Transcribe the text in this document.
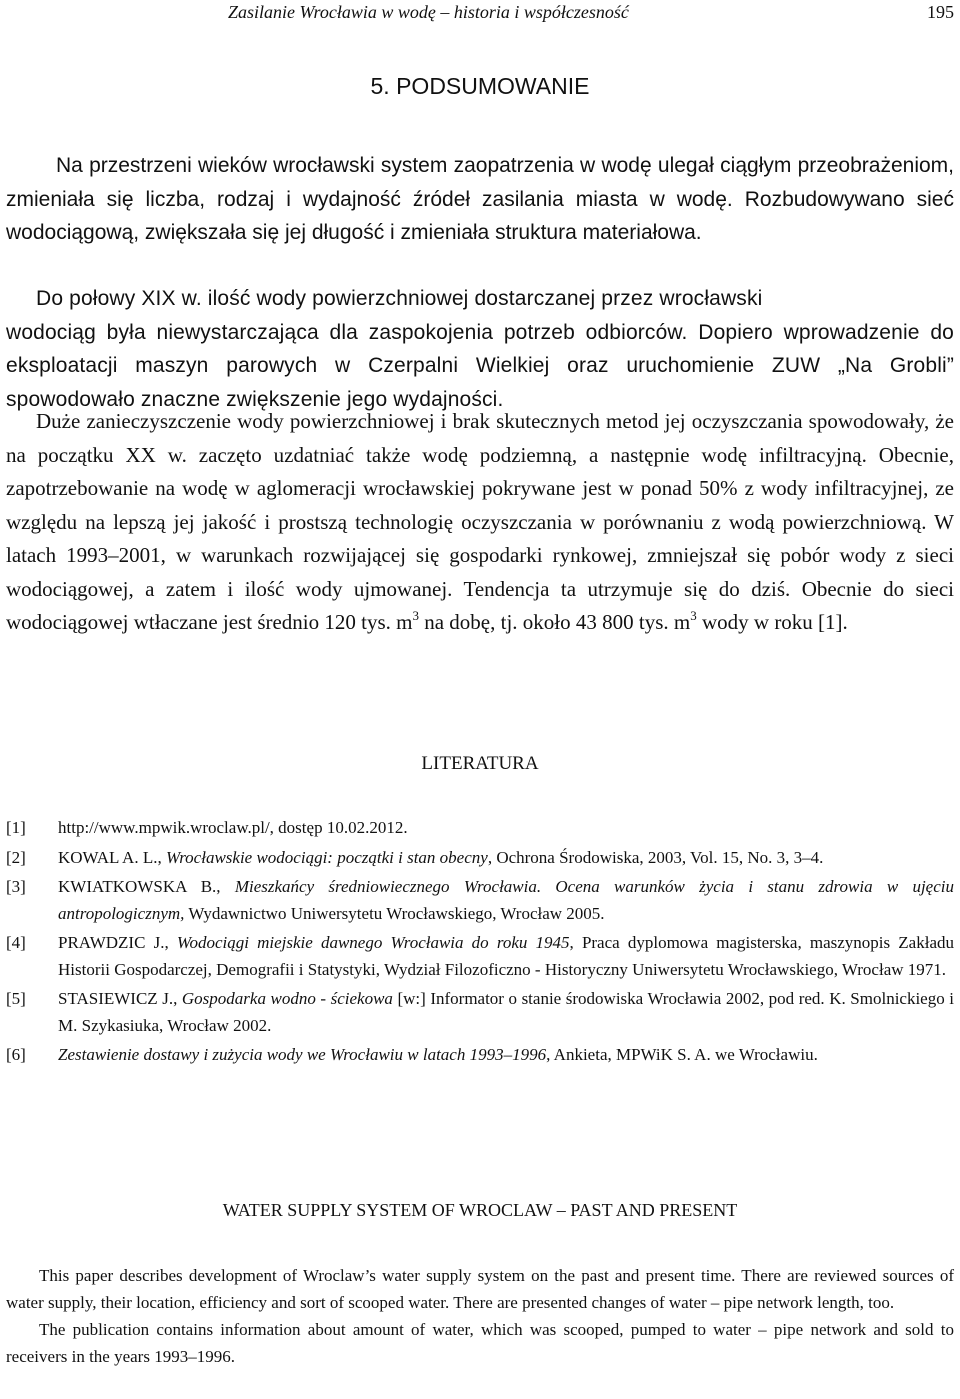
Zasilanie Wrocławia w wodę – historia i współczesność	195
5. PODSUMOWANIE

Na przestrzeni wieków wrocławski system zaopatrzenia w wodę ulegał ciągłym przeobrażeniom, zmieniała się liczba, rodzaj i wydajność źródeł zasilania miasta w wodę. Rozbudowywano sieć wodociągową, zwiększała się jej długość i zmieniała struktura materiałowa.

Do połowy XIX w. ilość wody powierzchniowej dostarczanej przez wrocławski

wodociąg była niewystarczająca dla zaspokojenia potrzeb odbiorców. Dopiero wprowadzenie do eksploatacji maszyn parowych w Czerpalni Wielkiej oraz uruchomienie ZUW „Na Grobli” spowodowało znaczne zwiększenie jego wydajności.

Duże zanieczyszczenie wody powierzchniowej i brak skutecznych metod jej oczyszczania spowodowały, że na początku XX w. zaczęto uzdatniać także wodę podziemną, a następnie wodę infiltracyjną. Obecnie, zapotrzebowanie na wodę w aglomeracji wrocławskiej pokrywane jest w ponad 50% z wody infiltracyjnej, ze względu na lepszą jej jakość i prostszą technologię oczyszczania w porównaniu z wodą powierzchniową. W latach 1993–2001, w warunkach rozwijającej się gospodarki rynkowej, zmniejszał się pobór wody z sieci wodociągowej, a zatem i ilość wody ujmowanej. Tendencja ta utrzymuje się do dziś. Obecnie do sieci wodociągowej wtłaczane jest średnio 120 tys. $m^3$ na dobę, tj. około 43 800 tys. $m^3$ wody w roku [1].

LITERATURA
[1] http://www.mpwik.wroclaw.pl/, dostęp 10.02.2012.
[2] KOWAL A. L., Wrocławskie wodociągi: początki i stan obecny, Ochrona Środowiska, 2003, Vol. 15, No. 3, 3–4.
[3] KWIATKOWSKA B., Mieszkańcy średniowiecznego Wrocławia. Ocena warunków życia i stanu zdrowia w ujęciu antropologicznym, Wydawnictwo Uniwersytetu Wrocławskiego, Wrocław 2005.
[4] PRAWDZIC J., Wodociągi miejskie dawnego Wrocławia do roku 1945, Praca dyplomowa magisterska, maszynopis Zakładu Historii Gospodarczej, Demografii i Statystyki, Wydział Filozoficzno - Historyczny Uniwersytetu Wrocławskiego, Wrocław 1971.
[5] STASIEWICZ J., Gospodarka wodno - ściekowa [w:] Informator o stanie środowiska Wrocławia 2002, pod red. K. Smolnickiego i M. Szykasiuka, Wrocław 2002.
[6] Zestawienie dostawy i zużycia wody we Wrocławiu w latach 1993–1996, Ankieta, MPWiK S. A. we Wrocławiu.
WATER SUPPLY SYSTEM OF WROCLAW – PAST AND PRESENT

This paper describes development of Wroclaw’s water supply system on the past and present time. There are reviewed sources of water supply, their location, efficiency and sort of scooped water. There are presented changes of water – pipe network length, too.

The publication contains information about amount of water, which was scooped, pumped to water – pipe network and sold to receivers in the years 1993–1996.
